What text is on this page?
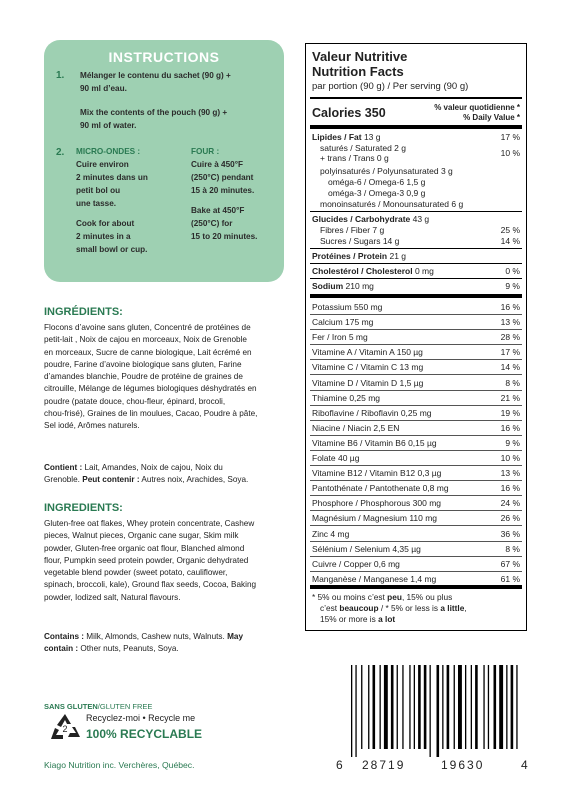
INSTRUCTIONS
1. Mélanger le contenu du sachet (90 g) +
90 ml d’eau.
Mix the contents of the pouch (90 g) +
90 ml of water.
2. MICRO-ONDES :
Cuire environ
2 minutes dans un
petit bol ou
une tasse.
Cook for about
2 minutes in a
small bowl or cup.
FOUR :
Cuire à 450°F
(250°C) pendant
15 à 20 minutes.
Bake at 450°F
(250°C) for
15 to 20 minutes.
INGRÉDIENTS:
Flocons d’avoine sans gluten, Concentré de protéines de
petit-lait , Noix de cajou en morceaux, Noix de Grenoble
en morceaux, Sucre de canne biologique, Lait écrémé en
poudre, Farine d’avoine biologique sans gluten, Farine
d’amandes blanchie, Poudre de protéine de graines de
citrouille, Mélange de légumes biologiques déshydratés en
poudre (patate douce, chou-fleur, épinard, brocoli,
chou-frisé), Graines de lin moulues, Cacao, Poudre à pâte,
Sel iodé, Arômes naturels.
Contient : Lait, Amandes, Noix de cajou, Noix du
Grenoble. Peut contenir : Autres noix, Arachides, Soya.
INGREDIENTS:
Gluten-free oat flakes, Whey protein concentrate, Cashew
pieces, Walnut pieces, Organic cane sugar, Skim milk
powder, Gluten-free organic oat flour, Blanched almond
flour, Pumpkin seed protein powder, Organic dehydrated
vegetable blend powder (sweet potato, cauliflower,
spinach, broccoli, kale), Ground flax seeds, Cocoa, Baking
powder, Iodized salt, Natural flavours.
Contains : Milk, Almonds, Cashew nuts, Walnuts. May
contain : Other nuts, Peanuts, Soya.
SANS GLUTEN/GLUTEN FREE
2
Recyclez-moi • Recycle me
100% RECYCLABLE
Kiago Nutrition inc. Verchères, Québec.
Valeur Nutritive
Nutrition Facts
par portion (90 g) / Per serving (90 g)
Calories 350	% valeur quotidienne *
% Daily Value *
Lipides / Fat 13 g	17 %
saturés / Saturated 2 g
+ trans / Trans 0 g	10 %
polyinsaturés / Polyunsaturated 3 g
oméga-6 / Omega-6 1,5 g
oméga-3 / Omega-3 0,9 g
monoinsaturés / Monounsaturated 6 g
Glucides / Carbohydrate 43 g
Fibres / Fiber 7 g	25 %
Sucres / Sugars 14 g	14 %
Protéines / Protein 21 g
Cholestérol / Cholesterol 0 mg	0 %
Sodium 210 mg	9 %
Potassium 550 mg	16 %
Calcium 175 mg	13 %
Fer / Iron 5 mg	28 %
Vitamine A / Vitamin A 150 µg	17 %
Vitamine C / Vitamin C 13 mg	14 %
Vitamine D / Vitamin D 1,5 µg	8 %
Thiamine 0,25 mg	21 %
Riboflavine / Riboflavin 0,25 mg	19 %
Niacine / Niacin 2,5 EN	16 %
Vitamine B6 / Vitamin B6 0,15 µg	9 %
Folate 40 µg	10 %
Vitamine B12 / Vitamin B12 0,3 µg	13 %
Pantothénate / Pantothenate 0,8 mg	16 %
Phosphore / Phosphorous 300 mg	24 %
Magnésium / Magnesium 110 mg	26 %
Zinc 4 mg	36 %
Sélénium / Selenium 4,35 µg	8 %
Cuivre / Copper 0,6 mg	67 %
Manganèse / Manganese 1,4 mg	61 %
* 5% ou moins c’est peu, 15% ou plus
c’est beaucoup / * 5% or less is a little,
15% or more is a lot
6 28719	19630	4
